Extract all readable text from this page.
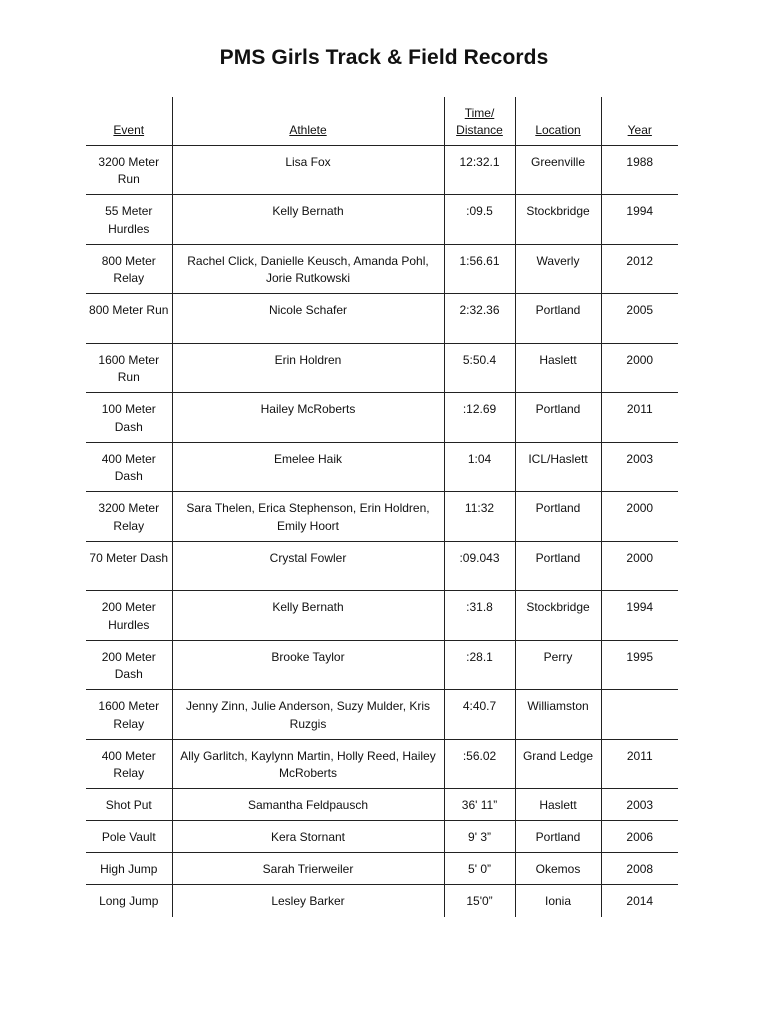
PMS Girls Track & Field Records
Event	Athlete	Time/ Distance	Location	Year
3200 Meter Run	Lisa Fox	12:32.1	Greenville	1988
55 Meter Hurdles	Kelly Bernath	:09.5	Stockbridge	1994
800 Meter Relay	Rachel Click, Danielle Keusch, Amanda Pohl, Jorie Rutkowski	1:56.61	Waverly	2012
800 Meter Run	Nicole Schafer	2:32.36	Portland	2005
1600 Meter Run	Erin Holdren	5:50.4	Haslett	2000
100 Meter Dash	Hailey McRoberts	:12.69	Portland	2011
400 Meter Dash	Emelee Haik	1:04	ICL/Haslett	2003
3200 Meter Relay	Sara Thelen, Erica Stephenson, Erin Holdren, Emily Hoort	11:32	Portland	2000
70 Meter Dash	Crystal Fowler	:09.043	Portland	2000
200 Meter Hurdles	Kelly Bernath	:31.8	Stockbridge	1994
200 Meter Dash	Brooke Taylor	:28.1	Perry	1995
1600 Meter Relay	Jenny Zinn, Julie Anderson, Suzy Mulder, Kris Ruzgis	4:40.7	Williamston	
400 Meter Relay	Ally Garlitch, Kaylynn Martin, Holly Reed, Hailey McRoberts	:56.02	Grand Ledge	2011
Shot Put	Samantha Feldpausch	36' 11”	Haslett	2003
Pole Vault	Kera Stornant	9' 3”	Portland	2006
High Jump	Sarah Trierweiler	5' 0”	Okemos	2008
Long Jump	Lesley Barker	15'0”	Ionia	2014
